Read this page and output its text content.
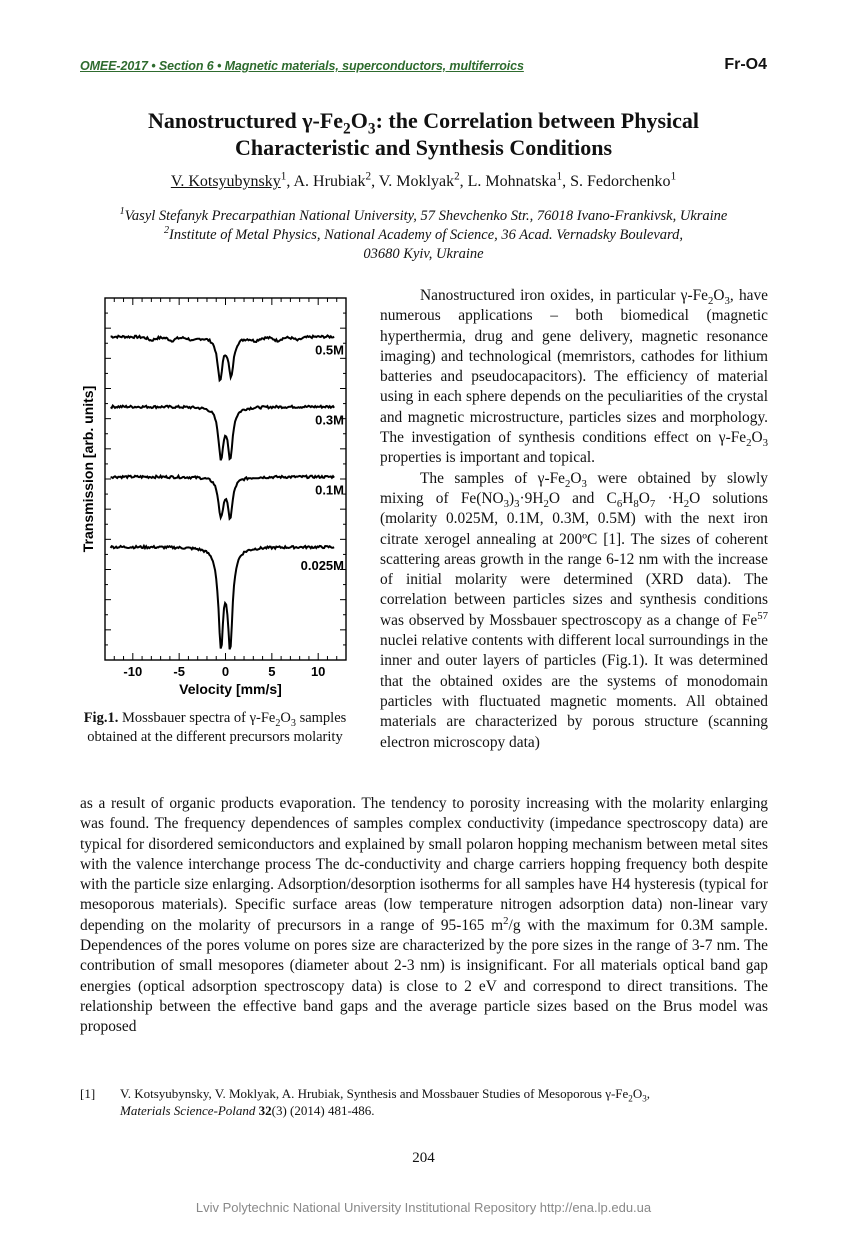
OMEE-2017 • Section 6 • Magnetic materials, superconductors, multiferroics	Fr-O4
Nanostructured $\gamma-Fe_2O_3$: the Correlation between Physical
Characteristic and Synthesis Conditions
V. Kotsyubynsky$^1$, A. Hrubiak$^2$, V. Moklyak$^2$, L. Mohnatska$^1$, S. Fedorchenko$^1$
$^1$Vasyl Stefanyk Precarpathian National University, 57 Shevchenko Str., 76018 Ivano-Frankivsk, Ukraine
$^2$Institute of Metal Physics, National Academy of Science, 36 Acad. Vernadsky Boulevard,
03680 Kyiv, Ukraine
-10 -5	0	5	10
Velocity [mm/s]
Transmission [arb. units]
0.5M
0.3M
0.1M
0.025M
Fig.1. Mossbauer spectra of $\gamma-Fe_2O_3$ samples obtained at the different precursors molarity

Nanostructured iron oxides, in particular $\gamma-Fe_2O_3$, have numerous applications – both biomedical (magnetic hyperthermia, drug and gene delivery, magnetic resonance imaging) and technological (memristors, cathodes for lithium batteries and pseudocapacitors). The efficiency of material using in each sphere depends on the peculiarities of the crystal and magnetic microstructure, particles sizes and morphology. The investigation of synthesis conditions effect on $\gamma-Fe_2O_3$ properties is important and topical.

The samples of $\gamma-Fe_2O_3$ were obtained by slowly mixing of $Fe(NO_3)_3\cdot 9H_2O$ and $C_6H_8O_7 \cdot H_2O$ solutions (molarity 0.025M, 0.1M, 0.3M, 0.5M) with the next iron citrate xerogel annealing at 200ºC [1]. The sizes of coherent scattering areas growth in the range 6-12 nm with the increase of initial molarity were determined (XRD data). The correlation between particles sizes and synthesis conditions was observed by Mossbauer spectroscopy as a change of Fe$^{57}$ nuclei relative contents with different local surroundings in the inner and outer layers of particles (Fig.1). It was determined that the obtained oxides are the systems of monodomain particles with fluctuated magnetic moments. All obtained materials are characterized by porous structure (scanning electron microscopy data)

as a result of organic products evaporation. The tendency to porosity increasing with the molarity enlarging was found. The frequency dependences of samples complex conductivity (impedance spectroscopy data) are typical for disordered semiconductors and explained by small polaron hopping mechanism between metal sites with the valence interchange process The dc-conductivity and charge carriers hopping frequency both despite with the particle size enlarging. Adsorption/desorption isotherms for all samples have H4 hysteresis (typical for mesoporous materials). Specific surface areas (low temperature nitrogen adsorption data) non-linear vary depending on the molarity of precursors in a range of 95-165 $m^2/g$ with the maximum for 0.3M sample. Dependences of the pores volume on pores size are characterized by the pore sizes in the range of 3-7 nm. The contribution of small mesopores (diameter about 2-3 nm) is insignificant. For all materials optical band gap energies (optical adsorption spectroscopy data) is close to 2 eV and correspond to direct transitions. The relationship between the effective band gaps and the average particle sizes based on the Brus model was proposed

[1] V. Kotsyubynsky, V. Moklyak, A. Hrubiak, Synthesis and Mossbauer Studies of Mesoporous $\gamma-Fe_2O_3$,
Materials Science-Poland 32(3) (2014) 481-486.
204
Lviv Polytechnic National University Institutional Repository http://ena.lp.edu.ua
